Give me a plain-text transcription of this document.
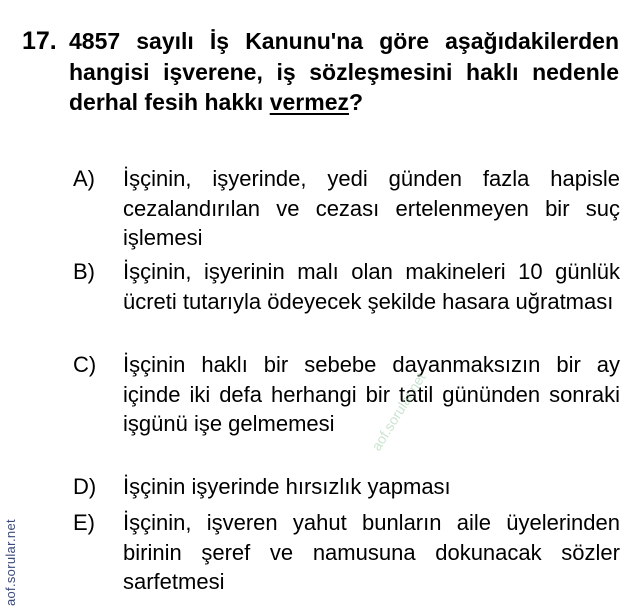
17. 4857 sayılı İş Kanunu'na göre aşağıdakilerden hangisi işverene, iş sözleşmesini haklı nedenle derhal fesih hakkı vermez?

A) İşçinin, işyerinde, yedi günden fazla hapisle cezalandırılan ve cezası ertelenmeyen bir suç işlemesi
B) İşçinin, işyerinin malı olan makineleri 10 günlük ücreti tutarıyla ödeyecek şekilde hasara uğratması
C) İşçinin haklı bir sebebe dayanmaksızın bir ay içinde iki defa herhangi bir tatil gününden sonraki işgünü işe gelmemesi
D) İşçinin işyerinde hırsızlık yapması
E) İşçinin, işveren yahut bunların aile üyelerinden birinin şeref ve namusuna dokunacak sözler sarfetmesi
aof.sorular.net
aof.sorular.net
